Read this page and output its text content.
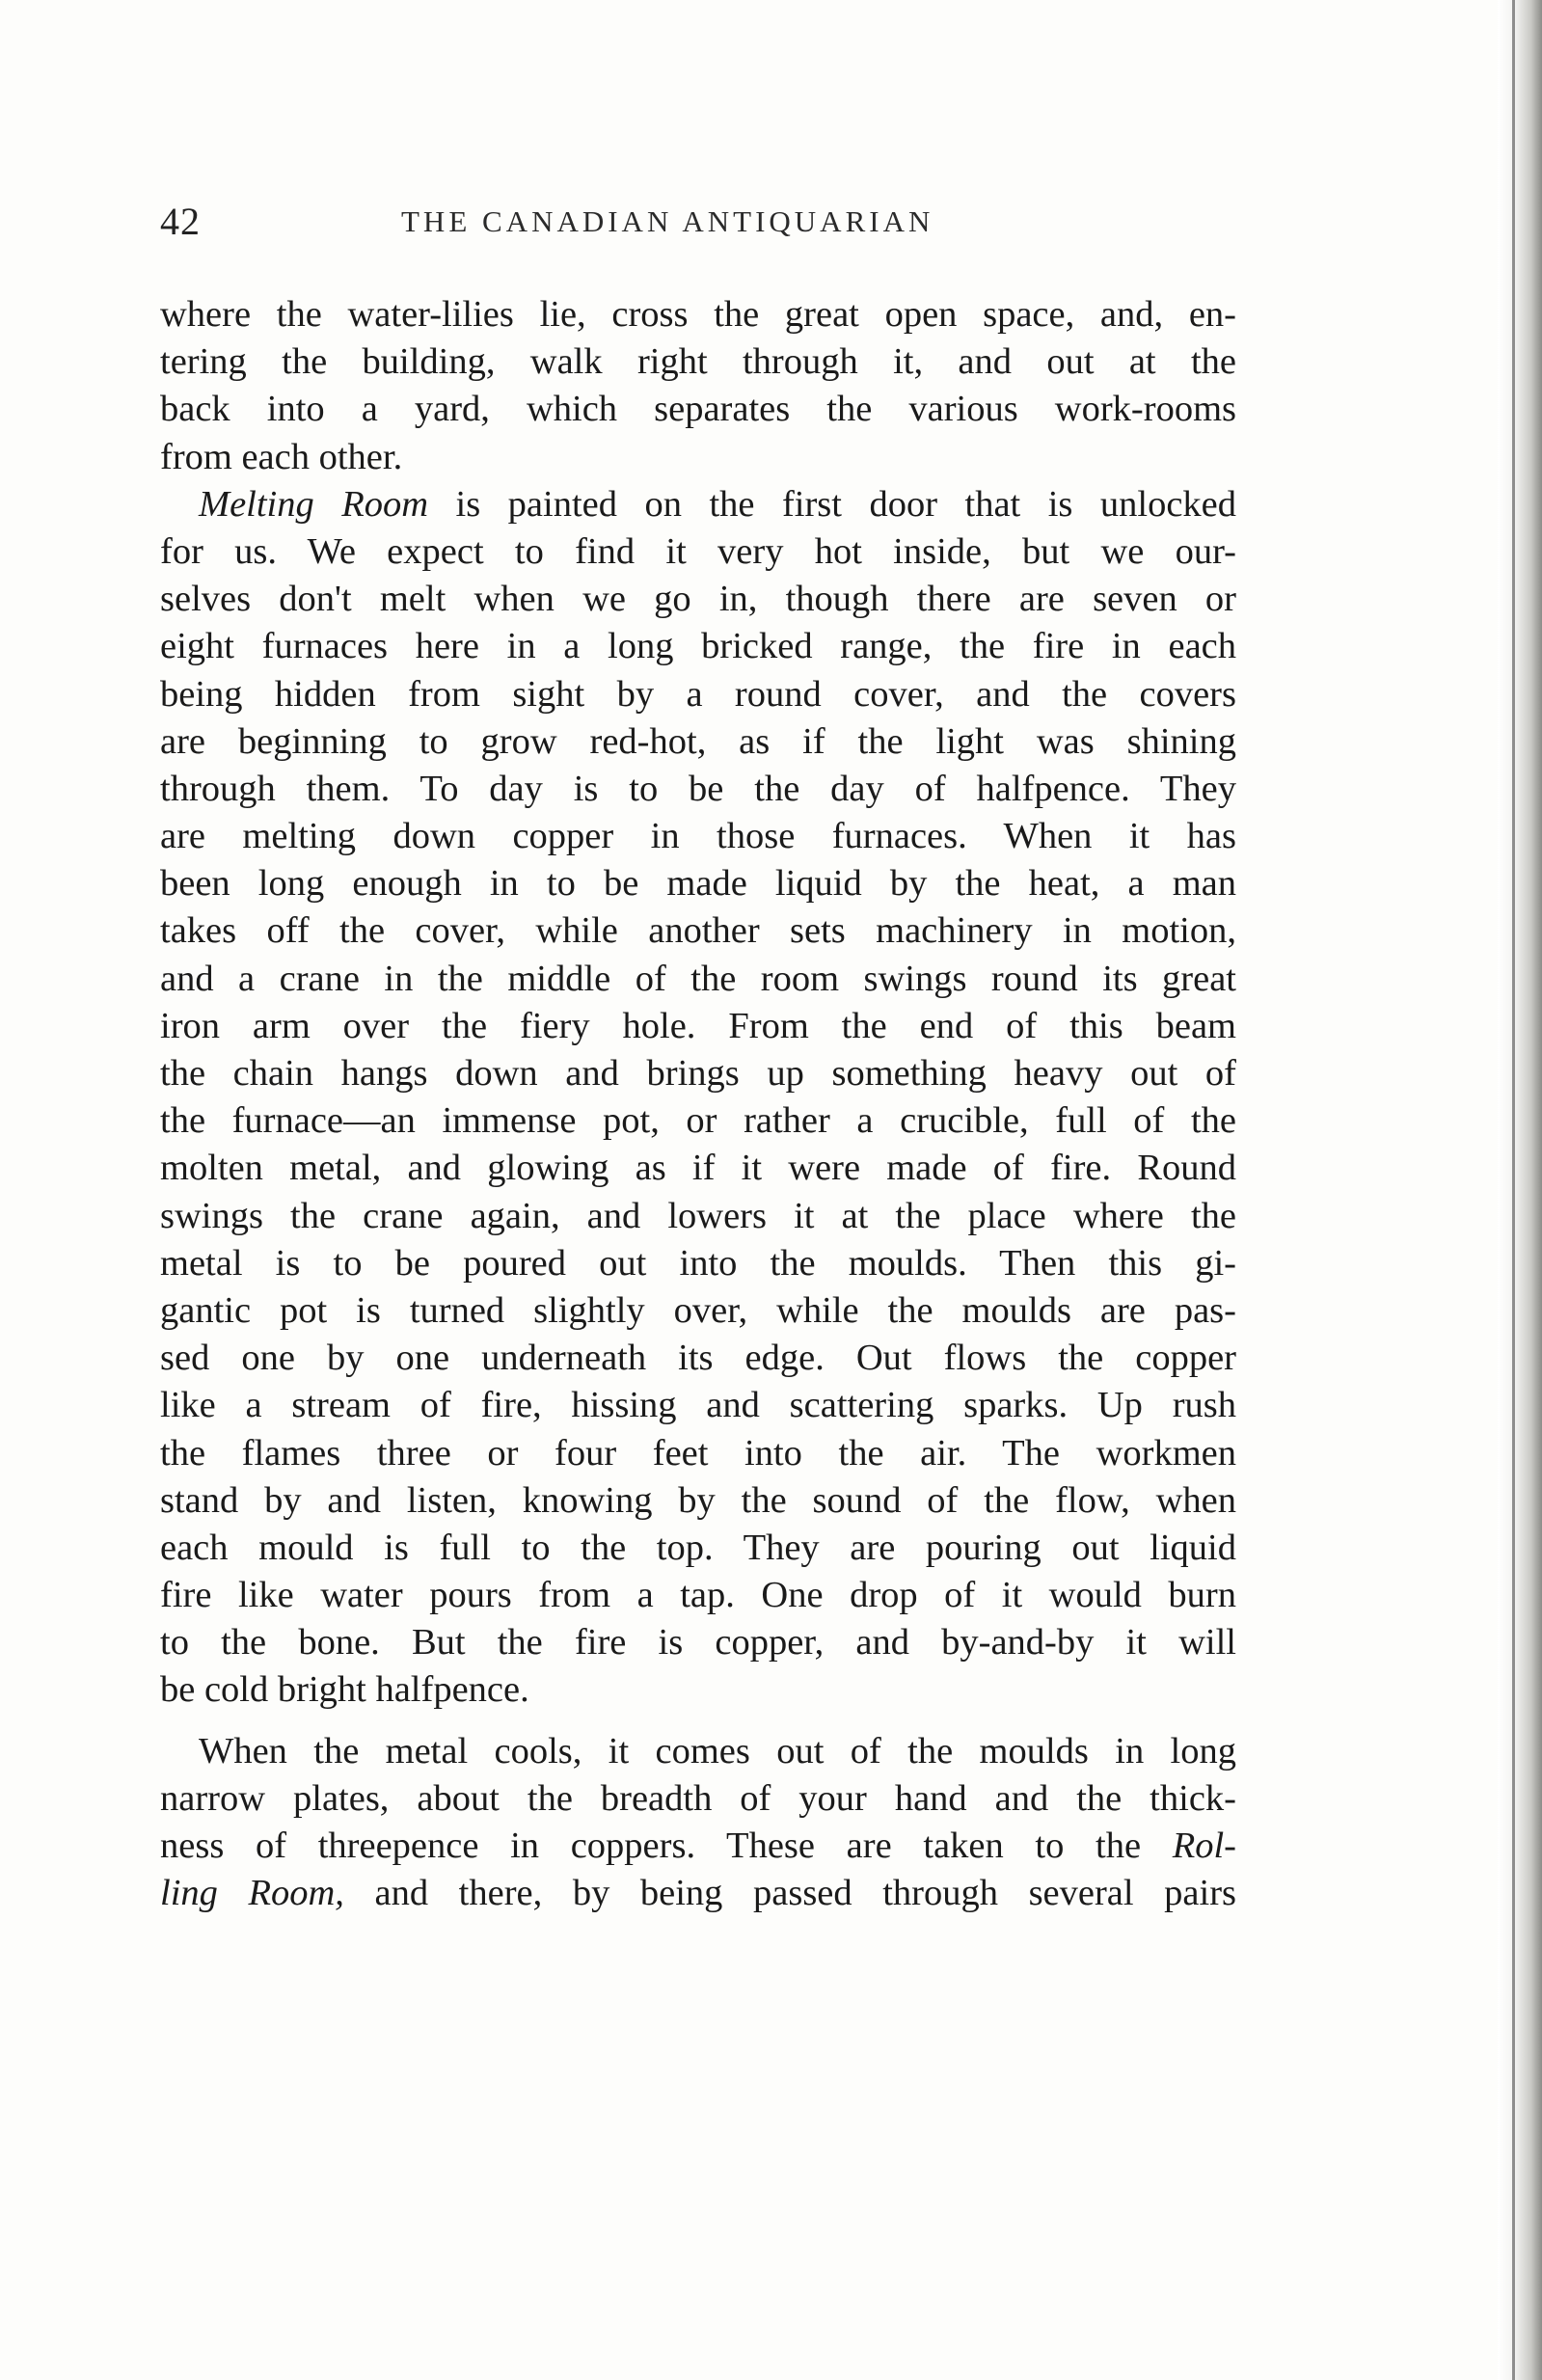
42	THE CANADIAN ANTIQUARIAN
where the water-lilies lie, cross the great open space, and, en-
tering the building, walk right through it, and out at the
back into a yard, which separates the various work-rooms
from each other.
Melting Room is painted on the first door that is unlocked
for us. We expect to find it very hot inside, but we our-
selves don't melt when we go in, though there are seven or
eight furnaces here in a long bricked range, the fire in each
being hidden from sight by a round cover, and the covers
are beginning to grow red-hot, as if the light was shining
through them. To day is to be the day of halfpence. They
are melting down copper in those furnaces. When it has
been long enough in to be made liquid by the heat, a man
takes off the cover, while another sets machinery in motion,
and a crane in the middle of the room swings round its great
iron arm over the fiery hole. From the end of this beam
the chain hangs down and brings up something heavy out of
the furnace—an immense pot, or rather a crucible, full of the
molten metal, and glowing as if it were made of fire. Round
swings the crane again, and lowers it at the place where the
metal is to be poured out into the moulds. Then this gi-
gantic pot is turned slightly over, while the moulds are pas-
sed one by one underneath its edge. Out flows the copper
like a stream of fire, hissing and scattering sparks. Up rush
the flames three or four feet into the air. The workmen
stand by and listen, knowing by the sound of the flow, when
each mould is full to the top. They are pouring out liquid
fire like water pours from a tap. One drop of it would burn
to the bone. But the fire is copper, and by-and-by it will
be cold bright halfpence.
When the metal cools, it comes out of the moulds in long
narrow plates, about the breadth of your hand and the thick-
ness of threepence in coppers. These are taken to the Rol-
ling Room, and there, by being passed through several pairs
